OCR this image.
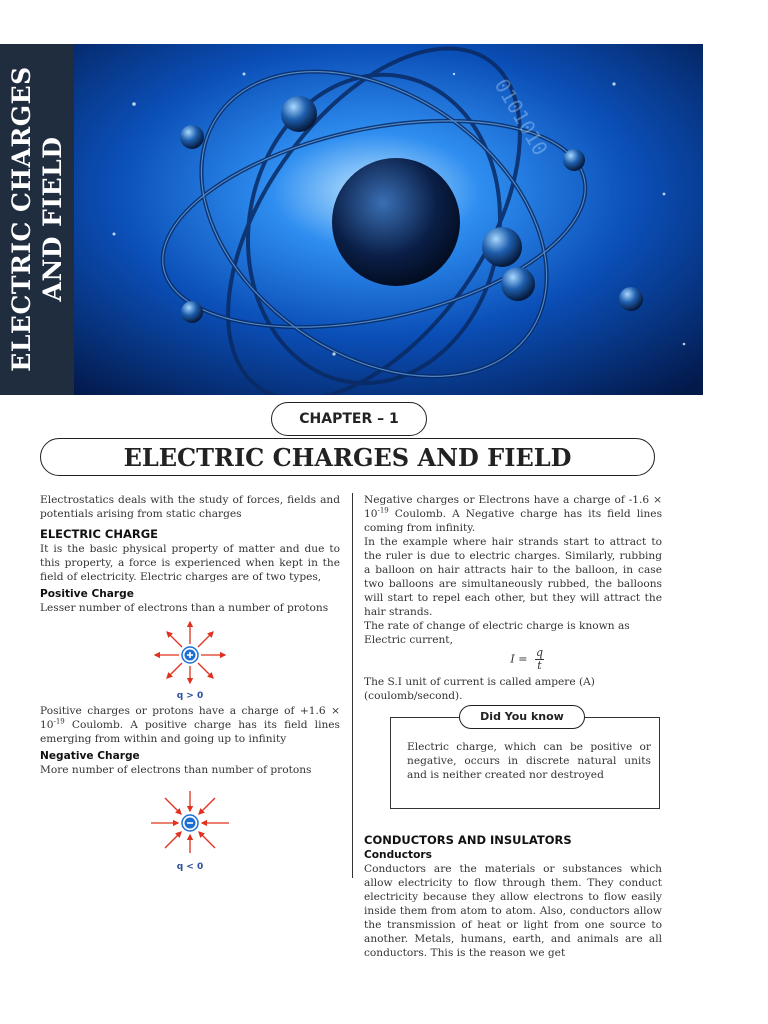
ELECTRIC CHARGES AND FIELD
0101010
CHAPTER – 1
ELECTRIC CHARGES AND FIELD

Electrostatics deals with the study of forces, fields and potentials arising from static charges

ELECTRIC CHARGE

It is the basic physical property of matter and due to this property, a force is experienced when kept in the field of electricity. Electric charges are of two types,

Positive Charge

Lesser number of electrons than a number of protons

q > 0

Positive charges or protons have a charge of $+1.6 \times 10^{-19}$ Coulomb. A positive charge has its field lines emerging from within and going up to infinity

Negative Charge

More number of electrons than number of protons

q < 0

Negative charges or Electrons have a charge of $-1.6 \times 10^{-19}$ Coulomb. A Negative charge has its field lines coming from infinity.

In the example where hair strands start to attract to the ruler is due to electric charges. Similarly, rubbing a balloon on hair attracts hair to the balloon, in case two balloons are simultaneously rubbed, the balloons will start to repel each other, but they will attract the hair strands.

The rate of change of electric charge is known as Electric current,

$I = \frac{q}{t}$

The S.I unit of current is called ampere (A) (coulomb/second).

Did You know
Electric charge, which can be positive or negative, occurs in discrete natural units and is neither created nor destroyed
CONDUCTORS AND INSULATORS
Conductors

Conductors are the materials or substances which allow electricity to flow through them. They conduct electricity because they allow electrons to flow easily inside them from atom to atom. Also, conductors allow the transmission of heat or light from one source to another. Metals, humans, earth, and animals are all conductors. This is the reason we get
